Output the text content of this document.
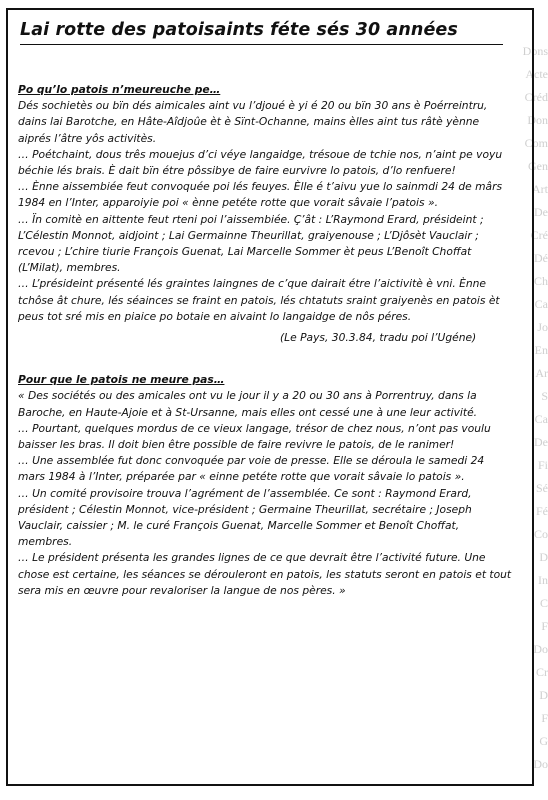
Dons
Acte
Créd
Don
Com
Gen
Art
De
Cré
Dé
Ch
Ca
Jo
En
Ar
S
Ca
De
Fi
Sé
Fé
Co
D
In
C
F
Do
Cr
D
F
G
Do
Lai rotte des patoisaints féte sés 30 années

Po qu’lo patois n’meureuche pe…

Dés sochietès ou bïn dés aimicales aint vu l’djoué è yi é 20 ou bïn 30 ans è Poérreintru, dains lai Barotche, en Hâte-Aîdjoûe èt è Sïnt-Ochanne, mains èlles aint tus râtè yènne aiprés l’âtre yôs activitès.

… Poétchaint, dous três mouejus d’ci véye langaidge, trésoue de tchie nos, n’aint pe voyu béchie lés brais. È dait bïn étre pôssibye de faire eurvivre lo patois, d’lo renfuere!

… Ènne aissembiée feut convoquée poi lés feuyes. Èlle é t’aivu yue lo sainmdi 24 de mârs 1984 en l’Inter, apparoiyie poi « ènne petéte rotte que vorait sâvaie l’patois ».

… Ïn comitè en aittente feut rteni poi l’aissembiée. Ç’ât : L’Raymond Erard, présideint ; L’Célestin Monnot, aidjoint ; Lai Germainne Theurillat, graiyenouse ; L’Djôsèt Vauclair ; rcevou ; L’chire tiurie François Guenat, Lai Marcelle Sommer èt peus L’Benoît Choffat (L’Milat), membres.

… L’présideint présenté lés graintes laingnes de c’que dairait étre l’aictivitè è vni. Ènne tchôse ât chure, lés séainces se fraint en patois, lés chtatuts sraint graiyenès en patois èt peus tot sré mis en piaice po botaie en aivaint lo langaidge de nôs péres.

(Le Pays, 30.3.84, tradu poi l’Ugéne)

Pour que le patois ne meure pas…

« Des sociétés ou des amicales ont vu le jour il y a 20 ou 30 ans à Porrentruy, dans la Baroche, en Haute-Ajoie et à St-Ursanne, mais elles ont cessé une à une leur activité.

… Pourtant, quelques mordus de ce vieux langage, trésor de chez nous, n’ont pas voulu baisser les bras. Il doit bien être possible de faire revivre le patois, de le ranimer!

… Une assemblée fut donc convoquée par voie de presse. Elle se déroula le samedi 24 mars 1984 à l’Inter, préparée par « einne petéte rotte que vorait sâvaie lo patois ».

… Un comité provisoire trouva l’agrément de l’assemblée. Ce sont : Raymond Erard, président ; Célestin Monnot, vice-président ; Germaine Theurillat, secrétaire ; Joseph Vauclair, caissier ; M. le curé François Guenat, Marcelle Sommer et Benoît Choffat, membres.

… Le président présenta les grandes lignes de ce que devrait être l’activité future. Une chose est certaine, les séances se dérouleront en patois, les statuts seront en patois et tout sera mis en œuvre pour revaloriser la langue de nos pères. »
